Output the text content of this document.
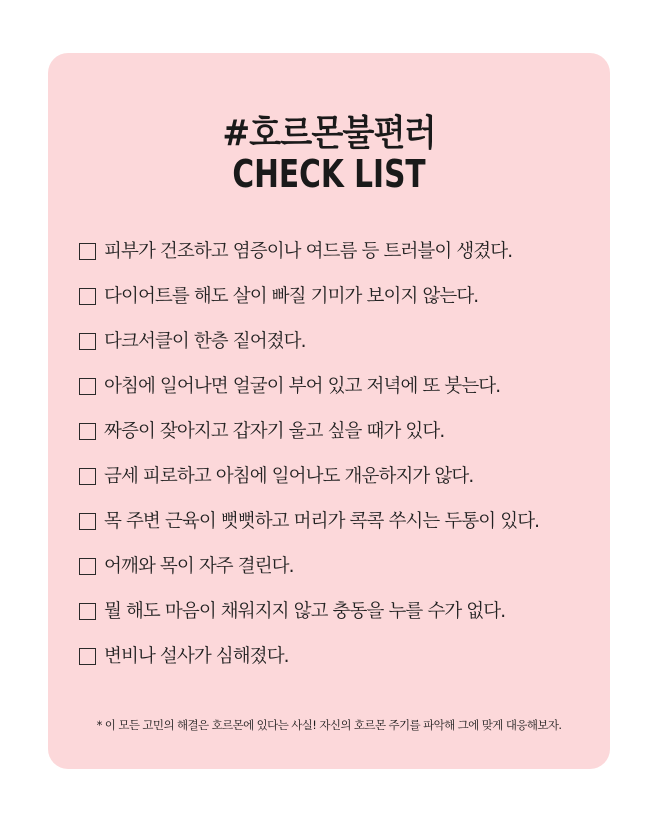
#호르몬불편러
CHECK LIST
피부가 건조하고 염증이나 여드름 등 트러블이 생겼다.
다이어트를 해도 살이 빠질 기미가 보이지 않는다.
다크서클이 한층 짙어졌다.
아침에 일어나면 얼굴이 부어 있고 저녁에 또 붓는다.
짜증이 잦아지고 갑자기 울고 싶을 때가 있다.
금세 피로하고 아침에 일어나도 개운하지가 않다.
목 주변 근육이 뻣뻣하고 머리가 콕콕 쑤시는 두통이 있다.
어깨와 목이 자주 결린다.
뭘 해도 마음이 채워지지 않고 충동을 누를 수가 없다.
변비나 설사가 심해졌다.
* 이 모든 고민의 해결은 호르몬에 있다는 사실! 자신의 호르몬 주기를 파악해 그에 맞게 대응해보자.
